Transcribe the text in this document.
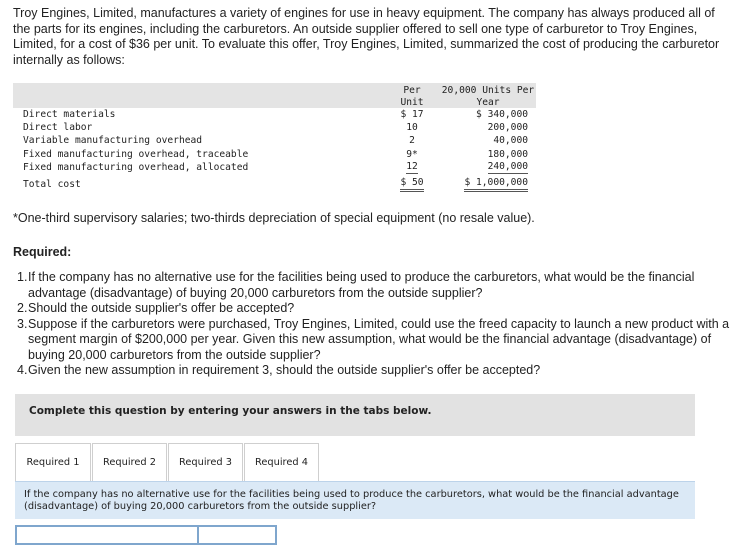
Troy Engines, Limited, manufactures a variety of engines for use in heavy equipment. The company has always produced all of the parts for its engines, including the carburetors. An outside supplier offered to sell one type of carburetor to Troy Engines, Limited, for a cost of $36 per unit. To evaluate this offer, Troy Engines, Limited, summarized the cost of producing the carburetor internally as follows:

	Per	20,000 Units Per
	Unit	Year
Direct materials	$ 17	$ 340,000
Direct labor	10	200,000
Variable manufacturing overhead	2	40,000
Fixed manufacturing overhead, traceable	9*	180,000
Fixed manufacturing overhead, allocated	12	240,000
Total cost	$ 50	$ 1,000,000

*One-third supervisory salaries; two-thirds depreciation of special equipment (no resale value).

Required:

1. If the company has no alternative use for the facilities being used to produce the carburetors, what would be the financial advantage (disadvantage) of buying 20,000 carburetors from the outside supplier?
2. Should the outside supplier's offer be accepted?
3. Suppose if the carburetors were purchased, Troy Engines, Limited, could use the freed capacity to launch a new product with a segment margin of $200,000 per year. Given this new assumption, what would be the financial advantage (disadvantage) of buying 20,000 carburetors from the outside supplier?
4. Given the new assumption in requirement 3, should the outside supplier's offer be accepted?
Complete this question by entering your answers in the tabs below.
Required 1	Required 2	Required 3	Required 4

If the company has no alternative use for the facilities being used to produce the carburetors, what would be the financial advantage (disadvantage) of buying 20,000 carburetors from the outside supplier?
